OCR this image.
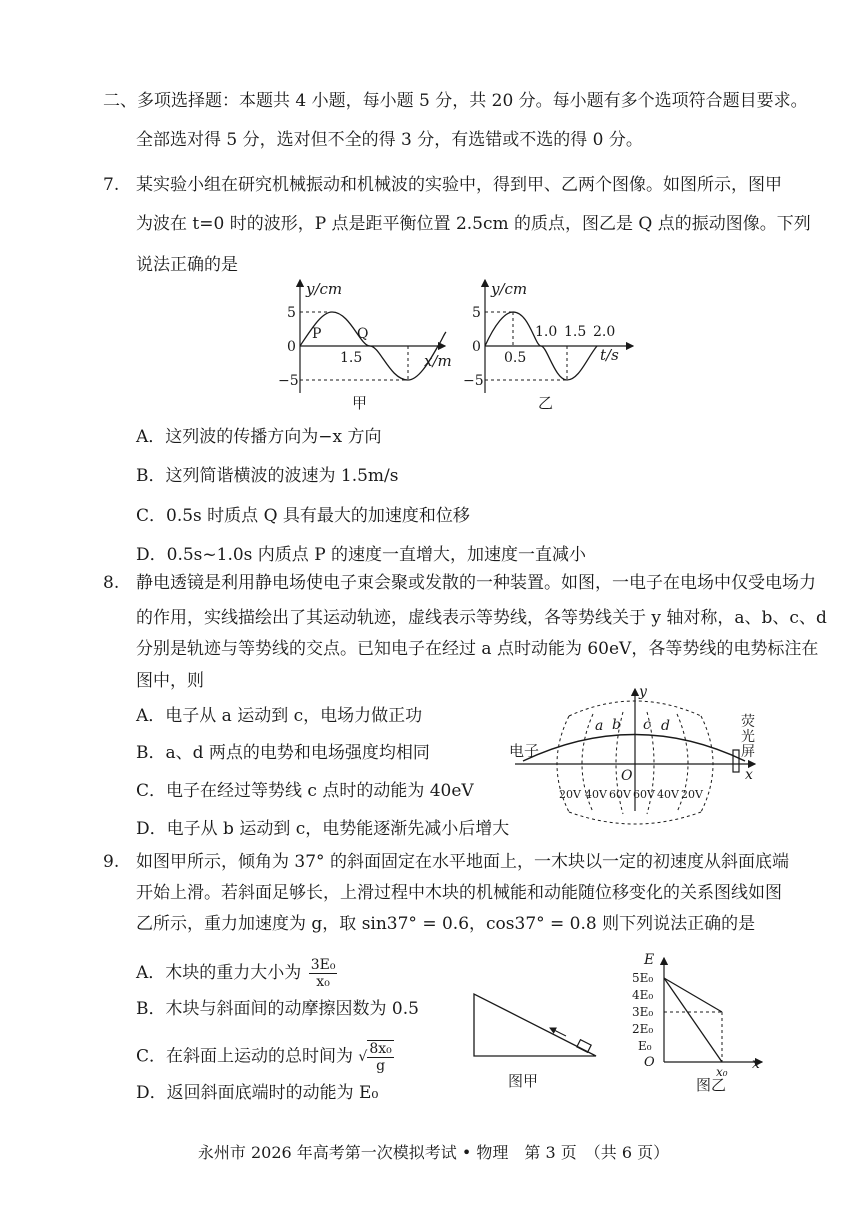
二、多项选择题：本题共 4 小题，每小题 5 分，共 20 分。每小题有多个选项符合题目要求。
全部选对得 5 分，选对但不全的得 3 分，有选错或不选的得 0 分。
7. 某实验小组在研究机械振动和机械波的实验中，得到甲、乙两个图像。如图所示，图甲
为波在 t=0 时的波形，P 点是距平衡位置 2.5cm 的质点，图乙是 Q 点的振动图像。下列
说法正确的是
y/cm
5
0
−5
1.5
P	Q
x/m
甲
y/cm
5
0
−5
0.5
1.0 1.5 2.0
t/s
乙
A．这列波的传播方向为−x 方向
B．这列简谐横波的波速为 1.5m/s
C．0.5s 时质点 Q 具有最大的加速度和位移
D．0.5s~1.0s 内质点 P 的速度一直增大，加速度一直减小
8. 静电透镜是利用静电场使电子束会聚或发散的一种装置。如图，一电子在电场中仅受电场力
的作用，实线描绘出了其运动轨迹，虚线表示等势线，各等势线关于 y 轴对称，a、b、c、d
分别是轨迹与等势线的交点。已知电子在经过 a 点时动能为 60eV，各等势线的电势标注在
图中，则
A．电子从 a 运动到 c，电场力做正功
B．a、d 两点的电势和电场强度均相同
C．电子在经过等势线 c 点时的动能为 40eV
D．电子从 b 运动到 c，电势能逐渐先减小后增大
a b c d
y
x
O
电子
荧
光
屏
20V 40V 60V 60V 40V 20V
9. 如图甲所示，倾角为 37° 的斜面固定在水平地面上，一木块以一定的初速度从斜面底端
开始上滑。若斜面足够长，上滑过程中木块的机械能和动能随位移变化的关系图线如图
乙所示，重力加速度为 g，取 sin37° = 0.6，cos37° = 0.8 则下列说法正确的是
A．木块的重力大小为 $\frac{\text{3E₀}}{\text{x₀}}$
B．木块与斜面间的动摩擦因数为 0.5
C．在斜面上运动的总时间为 √ $\frac{\text{8x₀}}{g}$
D．返回斜面底端时的动能为 E₀
图甲
E
5E₀
4E₀
3E₀
2E₀
E₀
O
x₀ x
图乙
永州市 2026 年高考第一次模拟考试 • 物理　第 3 页　（共 6 页）
